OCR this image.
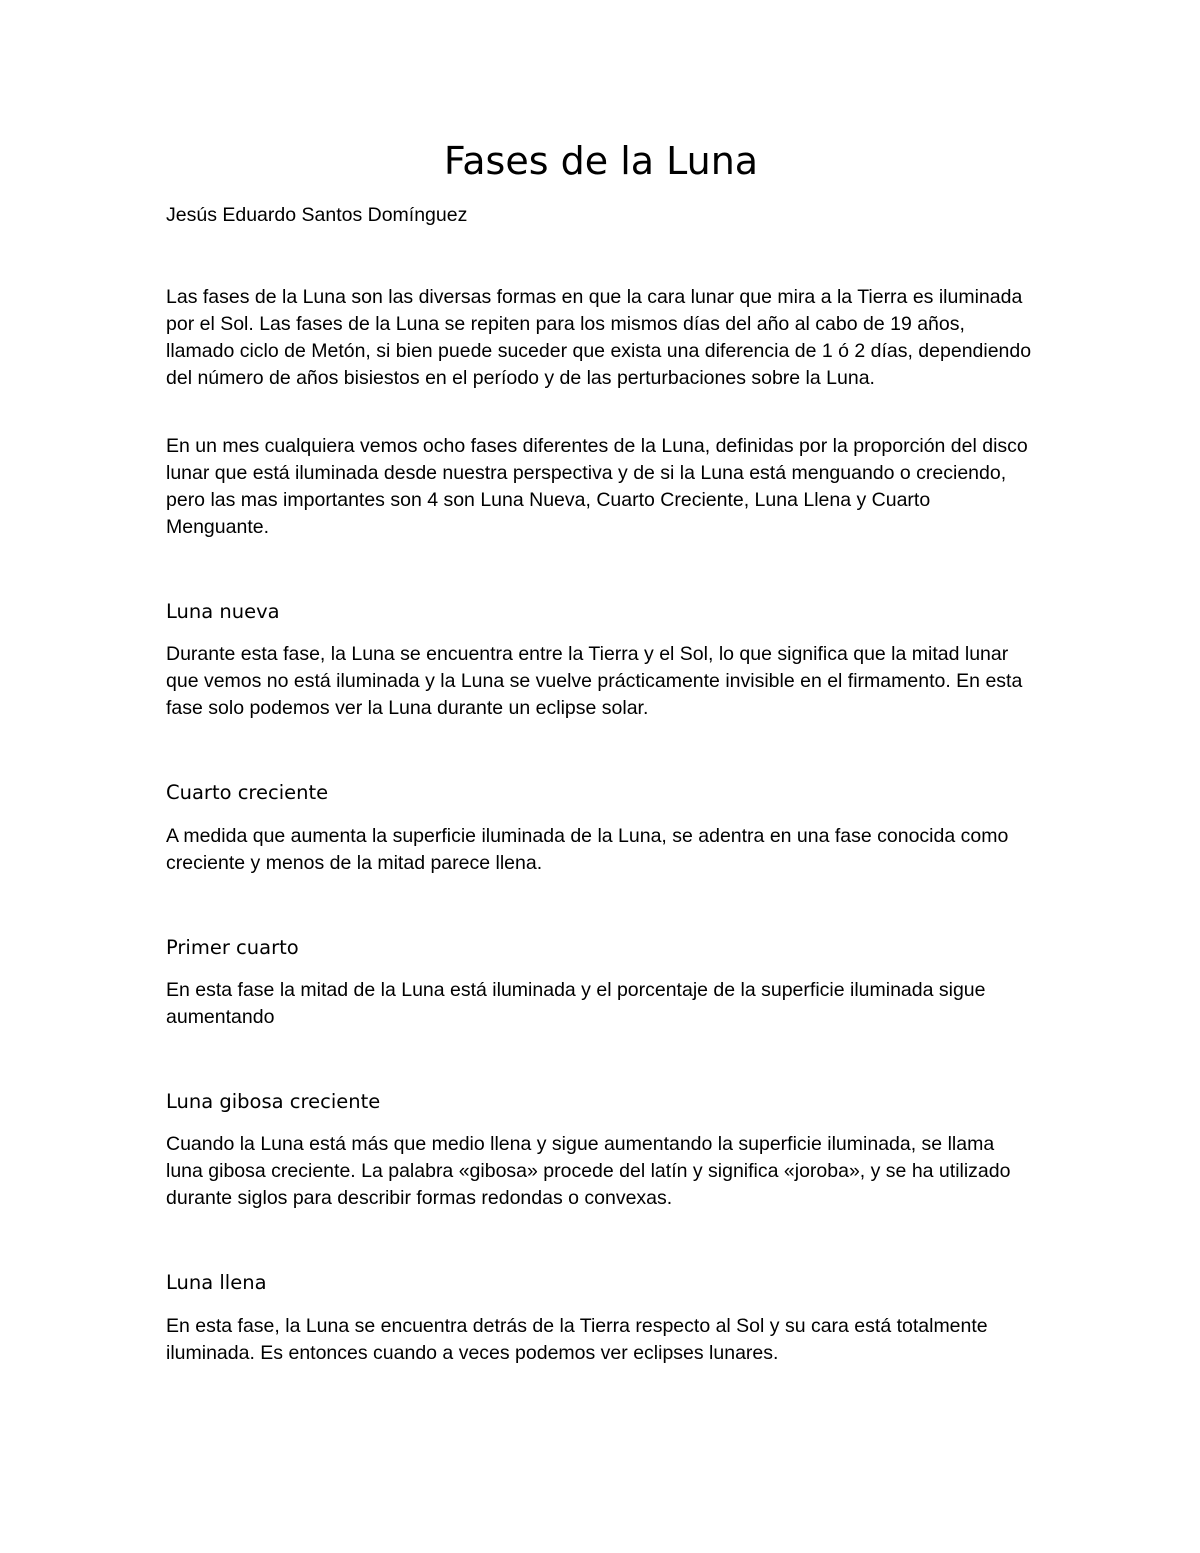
Fases de la Luna

Jesús Eduardo Santos Domínguez

Las fases de la Luna son las diversas formas en que la cara lunar que mira a la Tierra es iluminada por el Sol. Las fases de la Luna se repiten para los mismos días del año al cabo de 19 años, llamado ciclo de Metón, si bien puede suceder que exista una diferencia de 1 ó 2 días, dependiendo del número de años bisiestos en el período y de las perturbaciones sobre la Luna.

En un mes cualquiera vemos ocho fases diferentes de la Luna, definidas por la proporción del disco lunar que está iluminada desde nuestra perspectiva y de si la Luna está menguando o creciendo, pero las mas importantes son 4 son Luna Nueva, Cuarto Creciente, Luna Llena y Cuarto Menguante.

Luna nueva

Durante esta fase, la Luna se encuentra entre la Tierra y el Sol, lo que significa que la mitad lunar que vemos no está iluminada y la Luna se vuelve prácticamente invisible en el firmamento. En esta fase solo podemos ver la Luna durante un eclipse solar.

Cuarto creciente

A medida que aumenta la superficie iluminada de la Luna, se adentra en una fase conocida como creciente y menos de la mitad parece llena.

Primer cuarto

En esta fase la mitad de la Luna está iluminada y el porcentaje de la superficie iluminada sigue aumentando

Luna gibosa creciente

Cuando la Luna está más que medio llena y sigue aumentando la superficie iluminada, se llama luna gibosa creciente. La palabra «gibosa» procede del latín y significa «joroba», y se ha utilizado durante siglos para describir formas redondas o convexas.

Luna llena

En esta fase, la Luna se encuentra detrás de la Tierra respecto al Sol y su cara está totalmente iluminada. Es entonces cuando a veces podemos ver eclipses lunares.
